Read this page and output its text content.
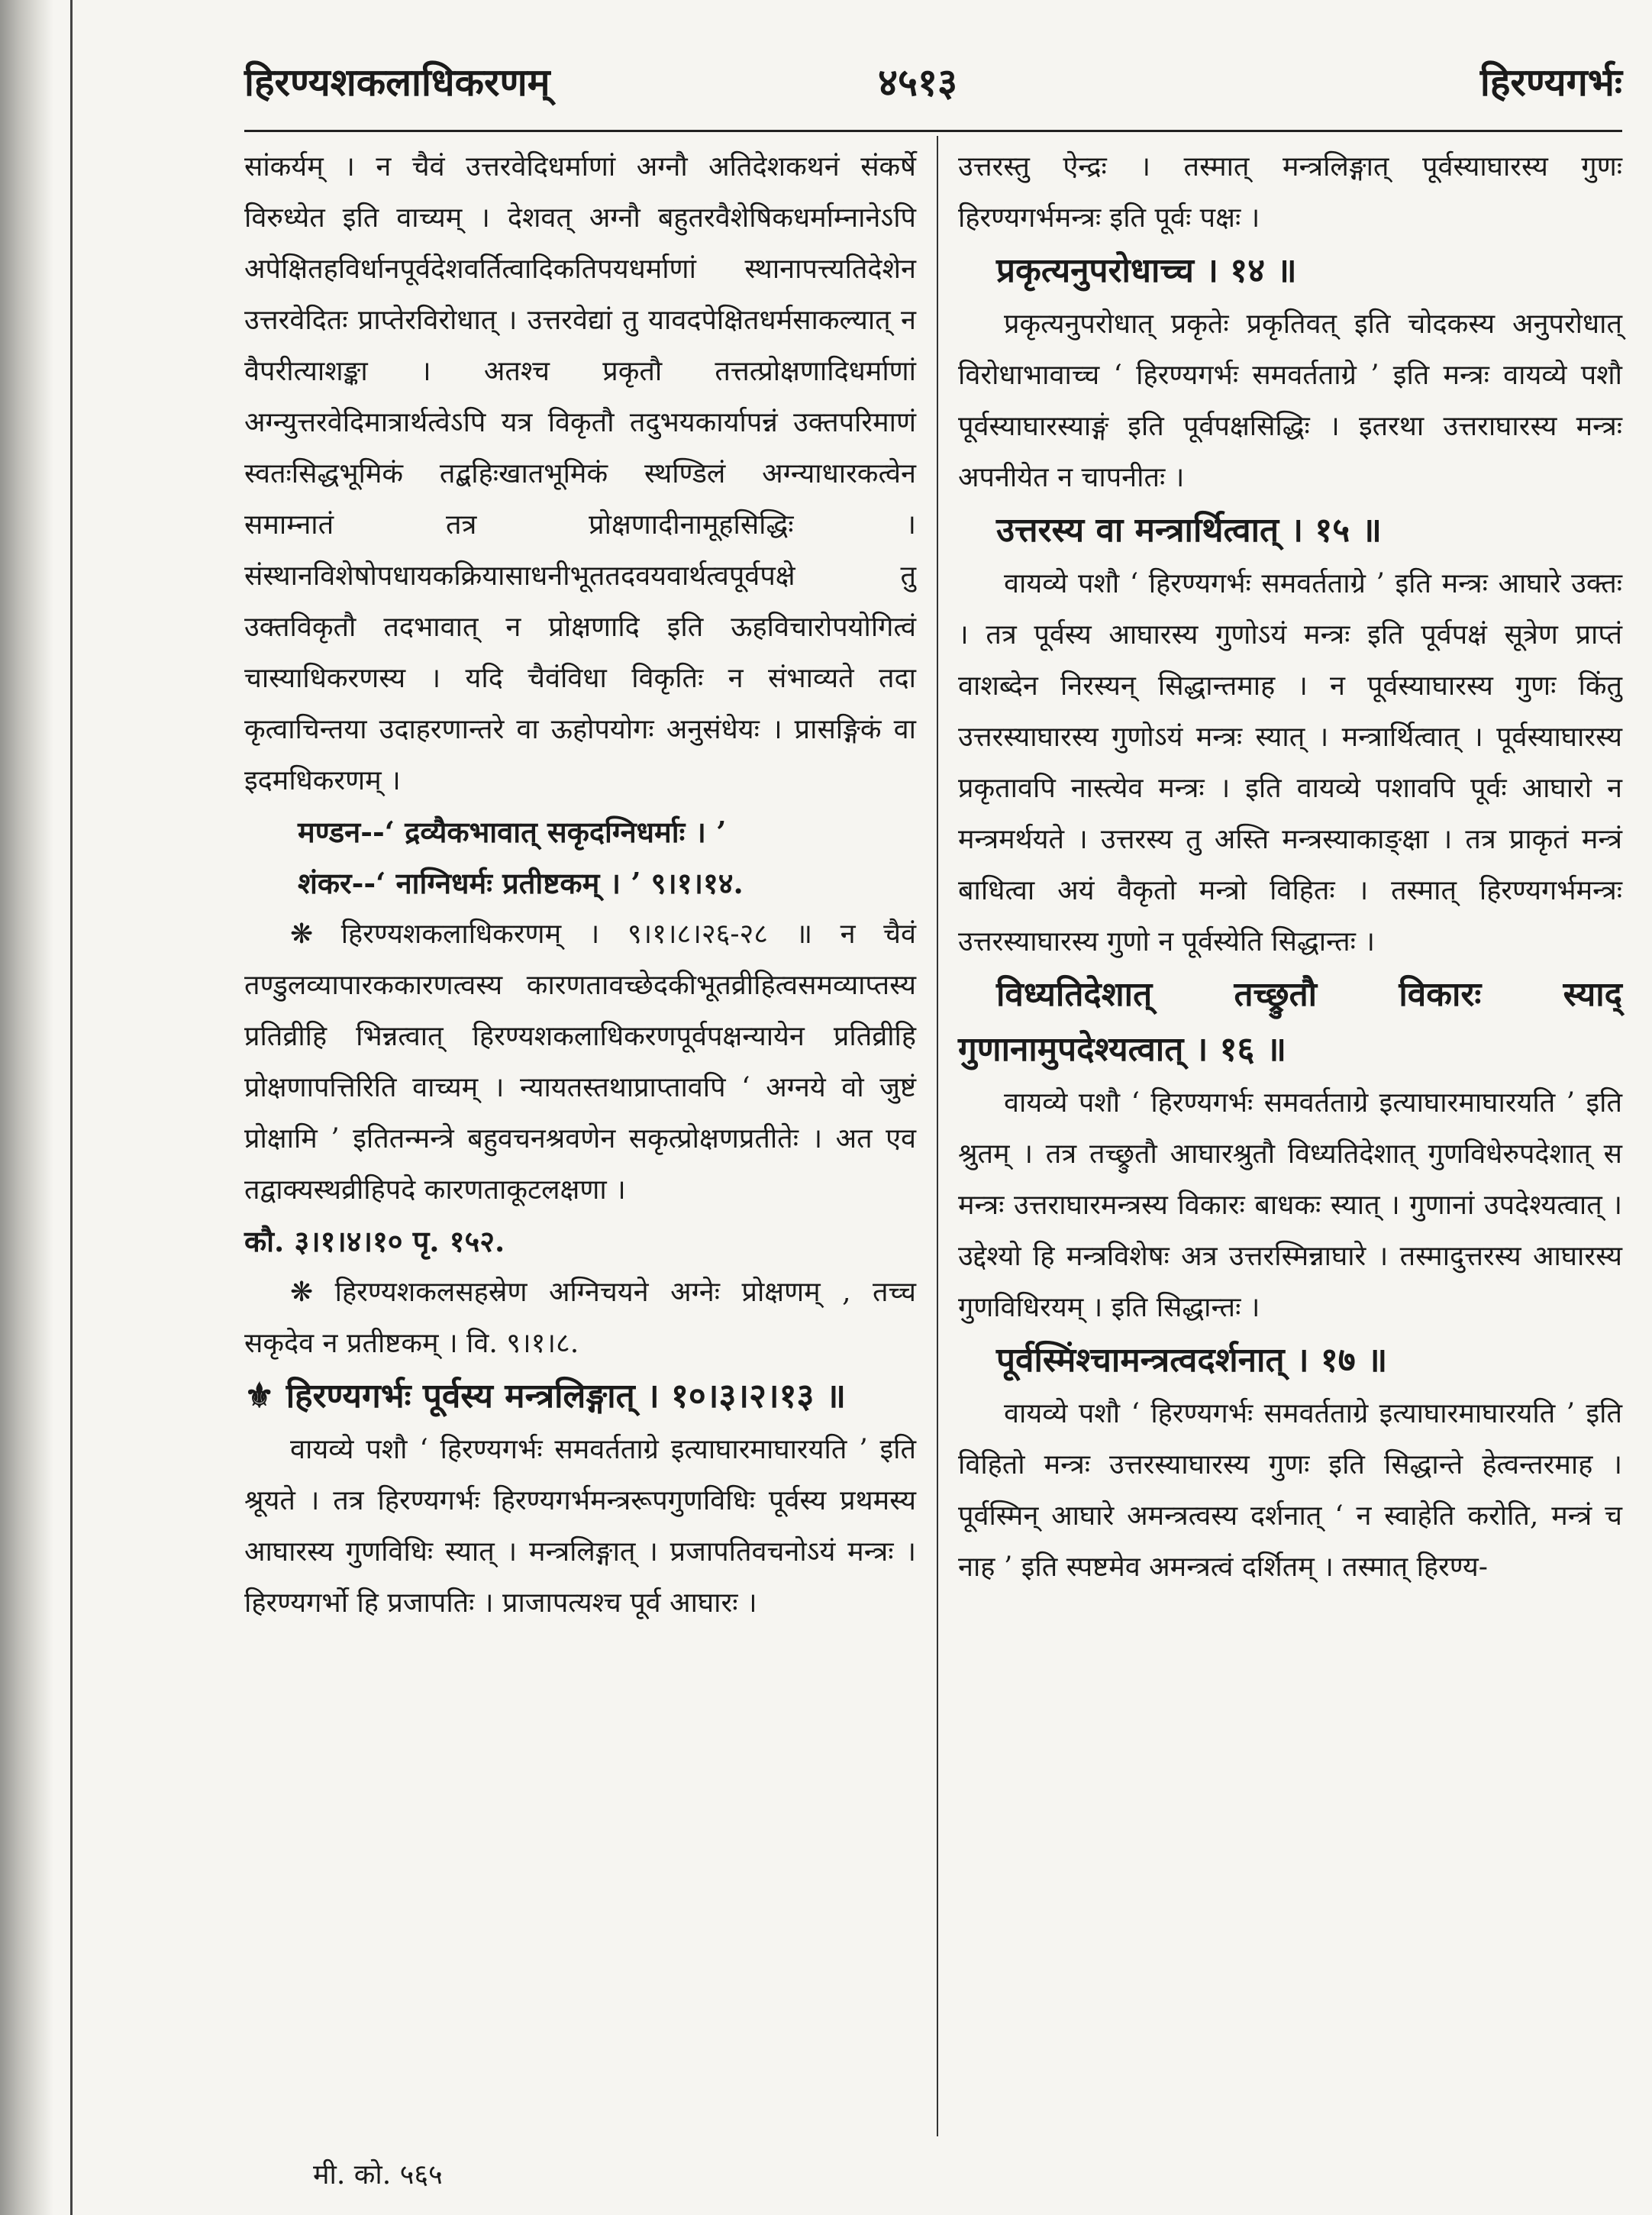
हिरण्यशकलाधिकरणम्	४५१३	हिरण्यगर्भः

सांकर्यम् । न चैवं उत्तरवेदिधर्माणां अग्नौ अतिदेशकथनं संकर्षे विरुध्येत इति वाच्यम् । देशवत् अग्नौ बहुतरवैशेषिकधर्माम्नानेऽपि अपेक्षितहविर्धानपूर्वदेशवर्तित्वादिकतिपयधर्माणां स्थानापत्त्यतिदेशेन उत्तरवेदितः प्राप्तेरविरोधात् । उत्तरवेद्यां तु यावदपेक्षितधर्मसाकल्यात् न वैपरीत्याशङ्का । अतश्च प्रकृतौ तत्तत्प्रोक्षणादिधर्माणां अग्न्युत्तरवेदिमात्रार्थत्वेऽपि यत्र विकृतौ तदुभयकार्यापन्नं उक्तपरिमाणं स्वतःसिद्धभूमिकं तद्बहिःखातभूमिकं स्थण्डिलं अग्न्याधारकत्वेन समाम्नातं तत्र प्रोक्षणादीनामूहसिद्धिः । संस्थानविशेषोपधायकक्रियासाधनीभूततदवयवार्थत्वपूर्वपक्षे तु उक्तविकृतौ तदभावात् न प्रोक्षणादि इति ऊहविचारोपयोगित्वं चास्याधिकरणस्य । यदि चैवंविधा विकृतिः न संभाव्यते तदा कृत्वाचिन्तया उदाहरणान्तरे वा ऊहोपयोगः अनुसंधेयः । प्रासङ्गिकं वा इदमधिकरणम् ।

मण्डन--‘ द्रव्यैकभावात् सकृदग्निधर्माः । ’

शंकर--‘ नाग्निधर्मः प्रतीष्टकम् । ’ ९।१।१४.

❋ हिरण्यशकलाधिकरणम् । ९।१।८।२६-२८ ॥ न चैवं तण्डुलव्यापारककारणत्वस्य कारणतावच्छेदकीभूतव्रीहित्वसमव्याप्तस्य प्रतिव्रीहि भिन्नत्वात् हिरण्यशकलाधिकरणपूर्वपक्षन्यायेन प्रतिव्रीहि प्रोक्षणापत्तिरिति वाच्यम् । न्यायतस्तथाप्राप्तावपि ‘ अग्नये वो जुष्टं प्रोक्षामि ’ इतितन्मन्त्रे बहुवचनश्रवणेन सकृत्प्रोक्षणप्रतीतेः । अत एव तद्वाक्यस्थव्रीहिपदे कारणताकूटलक्षणा ।

कौ. ३।१।४।१० पृ. १५२.

❋ हिरण्यशकलसहस्रेण अग्निचयने अग्नेः प्रोक्षणम् , तच्च सकृदेव न प्रतीष्टकम् । वि. ९।१।८.

⚜ हिरण्यगर्भः पूर्वस्य मन्त्रलिङ्गात् । १०।३।२।१३ ॥

वायव्ये पशौ ‘ हिरण्यगर्भः समवर्तताग्रे इत्याघारमाघारयति ’ इति श्रूयते । तत्र हिरण्यगर्भः हिरण्यगर्भमन्त्ररूपगुणविधिः पूर्वस्य प्रथमस्य आघारस्य गुणविधिः स्यात् । मन्त्रलिङ्गात् । प्रजापतिवचनोऽयं मन्त्रः । हिरण्यगर्भो हि प्रजापतिः । प्राजापत्यश्च पूर्व आघारः ।

उत्तरस्तु ऐन्द्रः । तस्मात् मन्त्रलिङ्गात् पूर्वस्याघारस्य गुणः हिरण्यगर्भमन्त्रः इति पूर्वः पक्षः ।

प्रकृत्यनुपरोधाच्च । १४ ॥

प्रकृत्यनुपरोधात् प्रकृतेः प्रकृतिवत् इति चोदकस्य अनुपरोधात् विरोधाभावाच्च ‘ हिरण्यगर्भः समवर्तताग्रे ’ इति मन्त्रः वायव्ये पशौ पूर्वस्याघारस्याङ्गं इति पूर्वपक्षसिद्धिः । इतरथा उत्तराघारस्य मन्त्रः अपनीयेत न चापनीतः ।

उत्तरस्य वा मन्त्रार्थित्वात् । १५ ॥

वायव्ये पशौ ‘ हिरण्यगर्भः समवर्तताग्रे ’ इति मन्त्रः आघारे उक्तः । तत्र पूर्वस्य आघारस्य गुणोऽयं मन्त्रः इति पूर्वपक्षं सूत्रेण प्राप्तं वाशब्देन निरस्यन् सिद्धान्तमाह । न पूर्वस्याघारस्य गुणः किंतु उत्तरस्याघारस्य गुणोऽयं मन्त्रः स्यात् । मन्त्रार्थित्वात् । पूर्वस्याघारस्य प्रकृतावपि नास्त्येव मन्त्रः । इति वायव्ये पशावपि पूर्वः आघारो न मन्त्रमर्थयते । उत्तरस्य तु अस्ति मन्त्रस्याकाङ्क्षा । तत्र प्राकृतं मन्त्रं बाधित्वा अयं वैकृतो मन्त्रो विहितः । तस्मात् हिरण्यगर्भमन्त्रः उत्तरस्याघारस्य गुणो न पूर्वस्येति सिद्धान्तः ।

विध्यतिदेशात् तच्छ्रुतौ विकारः स्याद् गुणानामुपदेश्यत्वात् । १६ ॥

वायव्ये पशौ ‘ हिरण्यगर्भः समवर्तताग्रे इत्याघारमाघारयति ’ इति श्रुतम् । तत्र तच्छ्रुतौ आघारश्रुतौ विध्यतिदेशात् गुणविधेरुपदेशात् स मन्त्रः उत्तराघारमन्त्रस्य विकारः बाधकः स्यात् । गुणानां उपदेश्यत्वात् । उद्देश्यो हि मन्त्रविशेषः अत्र उत्तरस्मिन्नाघारे । तस्मादुत्तरस्य आघारस्य गुणविधिरयम् । इति सिद्धान्तः ।

पूर्वस्मिंश्चामन्त्रत्वदर्शनात् । १७ ॥

वायव्ये पशौ ‘ हिरण्यगर्भः समवर्तताग्रे इत्याघारमाघारयति ’ इति विहितो मन्त्रः उत्तरस्याघारस्य गुणः इति सिद्धान्ते हेत्वन्तरमाह । पूर्वस्मिन् आघारे अमन्त्रत्वस्य दर्शनात् ‘ न स्वाहेति करोति, मन्त्रं च नाह ’ इति स्पष्टमेव अमन्त्रत्वं दर्शितम् । तस्मात् हिरण्य-

मी. को. ५६५
